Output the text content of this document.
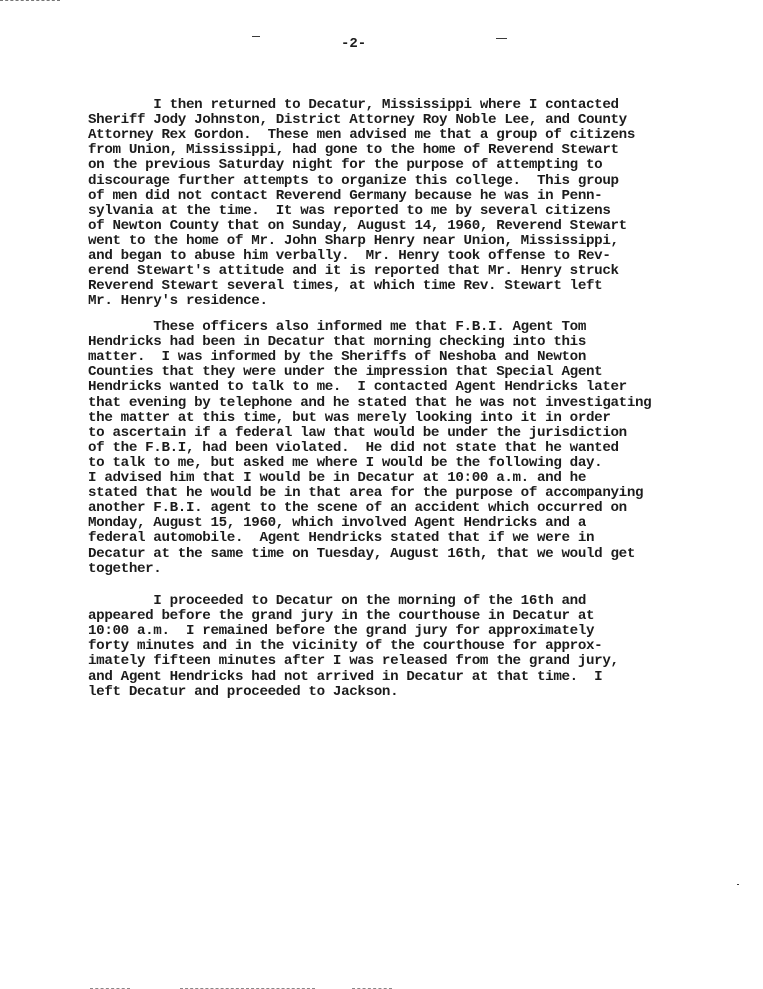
-2-
I then returned to Decatur, Mississippi where I contacted
Sheriff Jody Johnston, District Attorney Roy Noble Lee, and County
Attorney Rex Gordon.  These men advised me that a group of citizens
from Union, Mississippi, had gone to the home of Reverend Stewart
on the previous Saturday night for the purpose of attempting to
discourage further attempts to organize this college.  This group
of men did not contact Reverend Germany because he was in Penn-
sylvania at the time.  It was reported to me by several citizens
of Newton County that on Sunday, August 14, 1960, Reverend Stewart
went to the home of Mr. John Sharp Henry near Union, Mississippi,
and began to abuse him verbally.  Mr. Henry took offense to Rev-
erend Stewart's attitude and it is reported that Mr. Henry struck
Reverend Stewart several times, at which time Rev. Stewart left
Mr. Henry's residence.
These officers also informed me that F.B.I. Agent Tom
Hendricks had been in Decatur that morning checking into this
matter.  I was informed by the Sheriffs of Neshoba and Newton
Counties that they were under the impression that Special Agent
Hendricks wanted to talk to me.  I contacted Agent Hendricks later
that evening by telephone and he stated that he was not investigating
the matter at this time, but was merely looking into it in order
to ascertain if a federal law that would be under the jurisdiction
of the F.B.I, had been violated.  He did not state that he wanted
to talk to me, but asked me where I would be the following day.
I advised him that I would be in Decatur at 10:00 a.m. and he
stated that he would be in that area for the purpose of accompanying
another F.B.I. agent to the scene of an accident which occurred on
Monday, August 15, 1960, which involved Agent Hendricks and a
federal automobile.  Agent Hendricks stated that if we were in
Decatur at the same time on Tuesday, August 16th, that we would get
together.
I proceeded to Decatur on the morning of the 16th and
appeared before the grand jury in the courthouse in Decatur at
10:00 a.m.  I remained before the grand jury for approximately
forty minutes and in the vicinity of the courthouse for approx-
imately fifteen minutes after I was released from the grand jury,
and Agent Hendricks had not arrived in Decatur at that time.  I
left Decatur and proceeded to Jackson.
